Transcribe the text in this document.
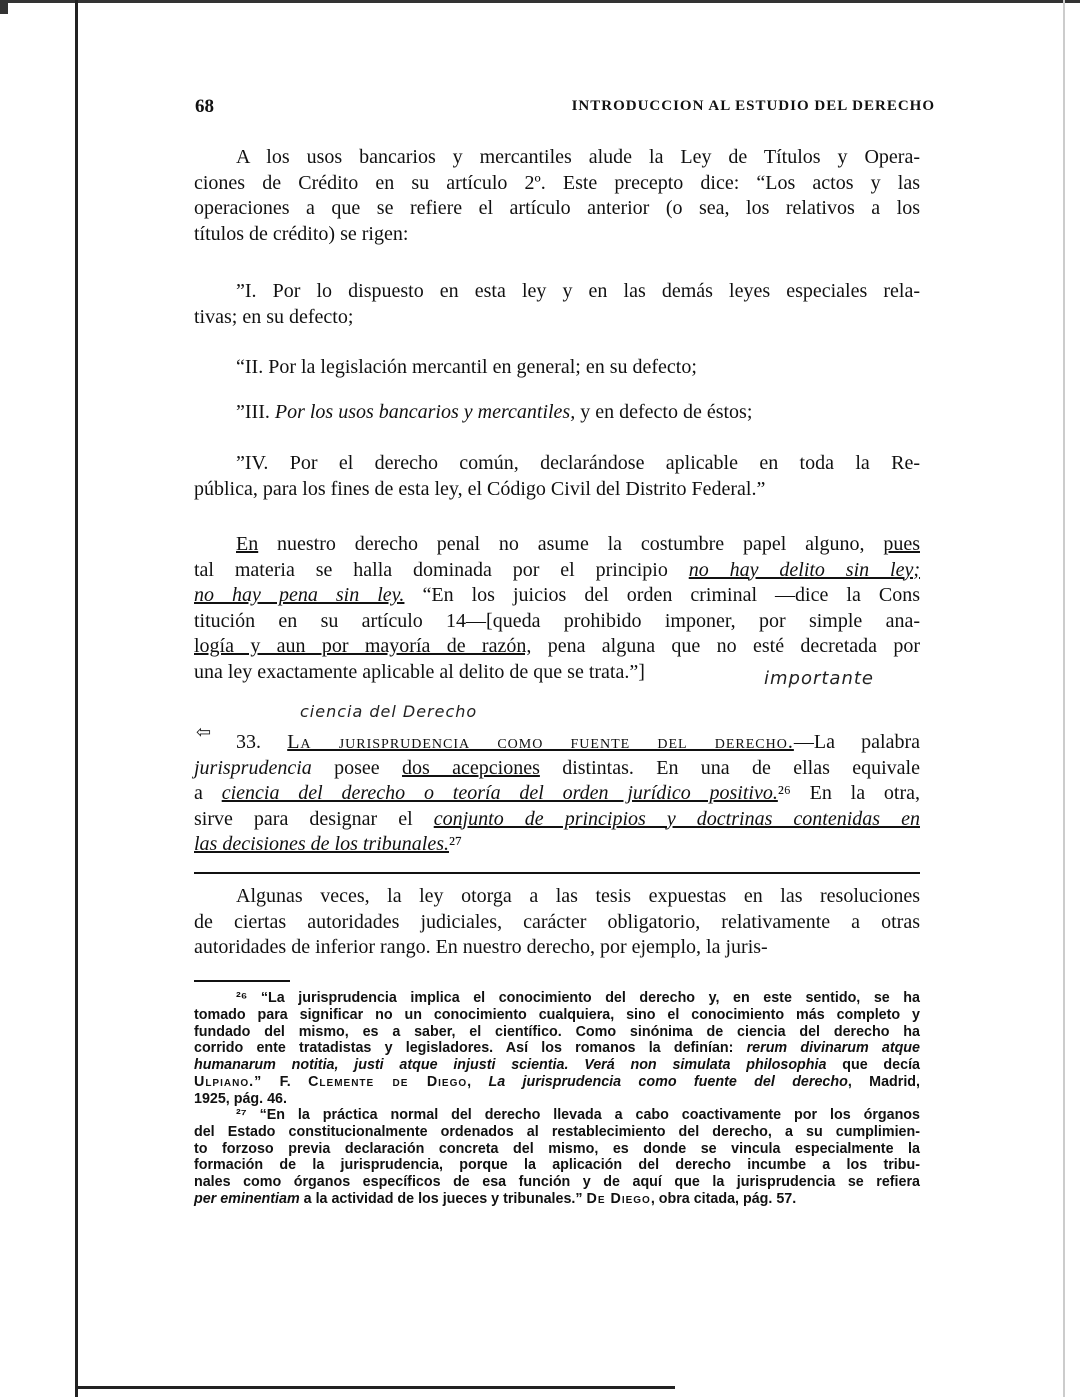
68	INTRODUCCION AL ESTUDIO DEL DERECHO
A los usos bancarios y mercantiles alude la Ley de Títulos y Opera-
ciones de Crédito en su artículo 2º. Este precepto dice: “Los actos y las
operaciones a que se refiere el artículo anterior (o sea, los relativos a los
títulos de crédito) se rigen:
”I. Por lo dispuesto en esta ley y en las demás leyes especiales rela-
tivas; en su defecto;
“II. Por la legislación mercantil en general; en su defecto;
”III. Por los usos bancarios y mercantiles, y en defecto de éstos;
”IV. Por el derecho común, declarándose aplicable en toda la Re-
pública, para los fines de esta ley, el Código Civil del Distrito Federal.”
En nuestro derecho penal no asume la costumbre papel alguno, pues
tal materia se halla dominada por el principio no hay delito sin ley;
no hay pena sin ley. “En los juicios del orden criminal —dice la Cons
titución en su artículo 14—[queda prohibido imponer, por simple ana-
logía y aun por mayoría de razón, pena alguna que no esté decretada por
una ley exactamente aplicable al delito de que se trata.”]	importante
ciencia del Derecho
⇦	33. La jurisprudencia como fuente del derecho.—La palabra
jurisprudencia posee dos acepciones distintas. En una de ellas equivale
a ciencia del derecho o teoría del orden jurídico positivo.²⁶ En la otra,
sirve para designar el conjunto de principios y doctrinas contenidas en
las decisiones de los tribunales.²⁷
Algunas veces, la ley otorga a las tesis expuestas en las resoluciones
de ciertas autoridades judiciales, carácter obligatorio, relativamente a otras
autoridades de inferior rango. En nuestro derecho, por ejemplo, la juris-
²⁶ “La jurisprudencia implica el conocimiento del derecho y, en este sentido, se ha
tomado para significar no un conocimiento cualquiera, sino el conocimiento más completo y
fundado del mismo, es a saber, el científico. Como sinónima de ciencia del derecho ha
corrido ente tratadistas y legisladores. Así los romanos la definían: rerum divinarum atque
humanarum notitia, justi atque injusti scientia. Verá non simulata philosophia que decía
Ulpiano.” F. Clemente de Diego, La jurisprudencia como fuente del derecho, Madrid,
1925, pág. 46.
²⁷ “En la práctica normal del derecho llevada a cabo coactivamente por los órganos
del Estado constitucionalmente ordenados al restablecimiento del derecho, a su cumplimien-
to forzoso previa declaración concreta del mismo, es donde se vincula especialmente la
formación de la jurisprudencia, porque la aplicación del derecho incumbe a los tribu-
nales como órganos específicos de esa función y de aquí que la jurisprudencia se refiera
per eminentiam a la actividad de los jueces y tribunales.” De Diego, obra citada, pág. 57.
